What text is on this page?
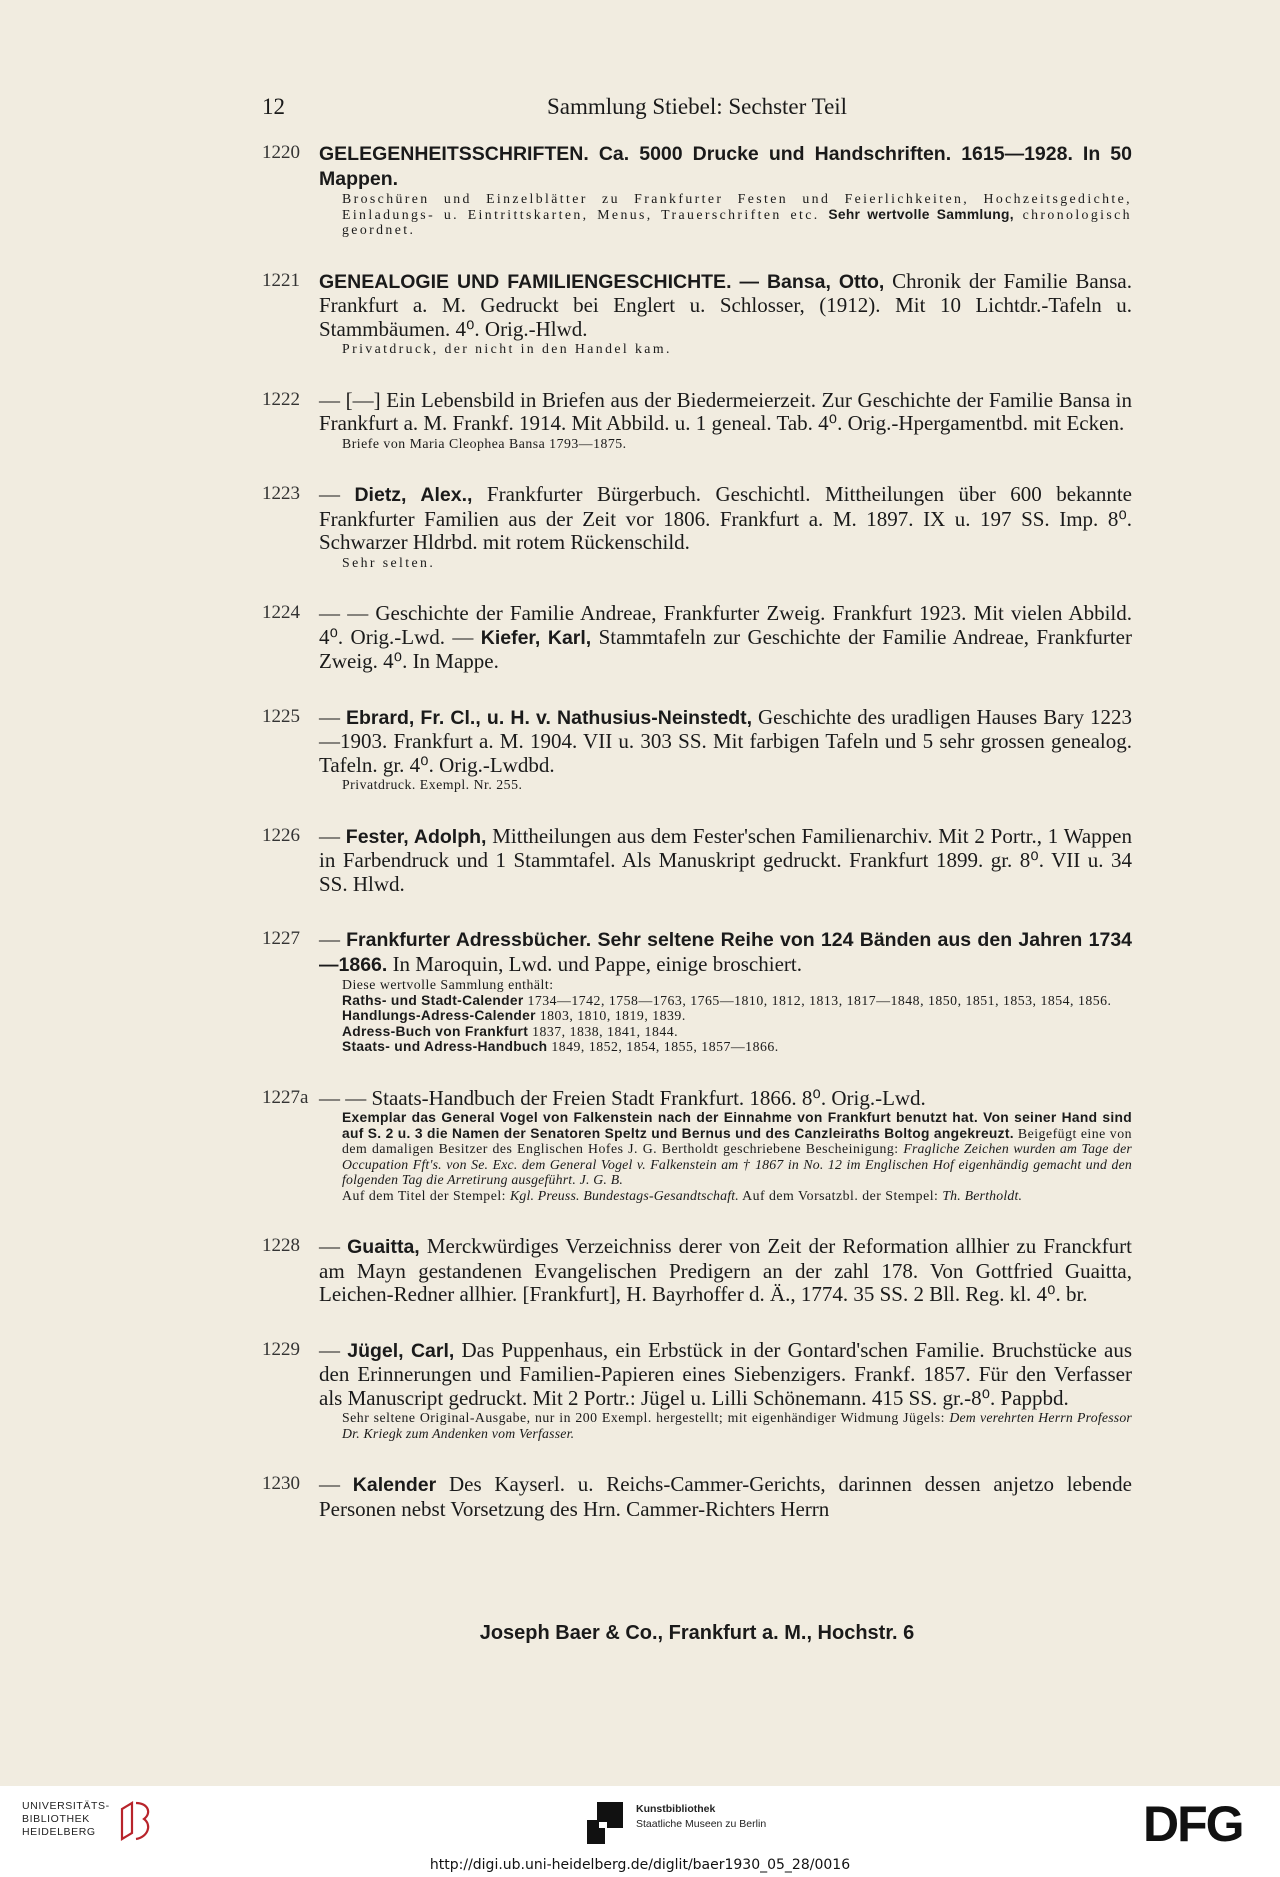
12	Sammlung Stiebel: Sechster Teil
1220 GELEGENHEITSSCHRIFTEN. Ca. 5000 Drucke und Handschriften. 1615—1928. In 50 Mappen.
Broschüren und Einzelblätter zu Frankfurter Festen und Feierlichkeiten, Hochzeitsgedichte, Einladungs- u. Eintrittskarten, Menus, Trauerschriften etc. Sehr wertvolle Sammlung, chronologisch geordnet.
1221 GENEALOGIE UND FAMILIENGESCHICHTE. — Bansa, Otto, Chronik der Familie Bansa. Frankfurt a. M. Gedruckt bei Englert u. Schlosser, (1912). Mit 10 Lichtdr.-Tafeln u. Stammbäumen. 4⁰. Orig.-Hlwd.
Privatdruck, der nicht in den Handel kam.
1222 — [—] Ein Lebensbild in Briefen aus der Biedermeierzeit. Zur Geschichte der Familie Bansa in Frankfurt a. M. Frankf. 1914. Mit Abbild. u. 1 geneal. Tab. 4⁰. Orig.-Hpergamentbd. mit Ecken.
Briefe von Maria Cleophea Bansa 1793—1875.
1223 — Dietz, Alex., Frankfurter Bürgerbuch. Geschichtl. Mittheilungen über 600 bekannte Frankfurter Familien aus der Zeit vor 1806. Frankfurt a. M. 1897. IX u. 197 SS. Imp. 8⁰. Schwarzer Hldrbd. mit rotem Rückenschild.
Sehr selten.
1224 — — Geschichte der Familie Andreae, Frankfurter Zweig. Frankfurt 1923. Mit vielen Abbild. 4⁰. Orig.-Lwd. — Kiefer, Karl, Stammtafeln zur Geschichte der Familie Andreae, Frankfurter Zweig. 4⁰. In Mappe.
1225 — Ebrard, Fr. Cl., u. H. v. Nathusius-Neinstedt, Geschichte des uradligen Hauses Bary 1223—1903. Frankfurt a. M. 1904. VII u. 303 SS. Mit farbigen Tafeln und 5 sehr grossen genealog. Tafeln. gr. 4⁰. Orig.-Lwdbd.
Privatdruck. Exempl. Nr. 255.
1226 — Fester, Adolph, Mittheilungen aus dem Fester'schen Familienarchiv. Mit 2 Portr., 1 Wappen in Farbendruck und 1 Stammtafel. Als Manuskript gedruckt. Frankfurt 1899. gr. 8⁰. VII u. 34 SS. Hlwd.
1227 — Frankfurter Adressbücher. Sehr seltene Reihe von 124 Bänden aus den Jahren 1734—1866. In Maroquin, Lwd. und Pappe, einige broschiert.
Diese wertvolle Sammlung enthält:
Raths- und Stadt-Calender 1734—1742, 1758—1763, 1765—1810, 1812, 1813, 1817—1848, 1850, 1851, 1853, 1854, 1856.
Handlungs-Adress-Calender 1803, 1810, 1819, 1839.
Adress-Buch von Frankfurt 1837, 1838, 1841, 1844.
Staats- und Adress-Handbuch 1849, 1852, 1854, 1855, 1857—1866.
1227a — — Staats-Handbuch der Freien Stadt Frankfurt. 1866. 8⁰. Orig.-Lwd.
Exemplar das General Vogel von Falkenstein nach der Einnahme von Frankfurt benutzt hat. Von seiner Hand sind auf S. 2 u. 3 die Namen der Senatoren Speltz und Bernus und des Canzleiraths Boltog angekreuzt. Beigefügt eine von dem damaligen Besitzer des Englischen Hofes J. G. Bertholdt geschriebene Bescheinigung: Fragliche Zeichen wurden am Tage der Occupation Fft's. von Se. Exc. dem General Vogel v. Falkenstein am † 1867 in No. 12 im Englischen Hof eigenhändig gemacht und den folgenden Tag die Arretirung ausgeführt. J. G. B.
Auf dem Titel der Stempel: Kgl. Preuss. Bundestags-Gesandtschaft. Auf dem Vorsatzbl. der Stempel: Th. Bertholdt.
1228 — Guaitta, Merckwürdiges Verzeichniss derer von Zeit der Reformation allhier zu Franckfurt am Mayn gestandenen Evangelischen Predigern an der zahl 178. Von Gottfried Guaitta, Leichen-Redner allhier. [Frankfurt], H. Bayrhoffer d. Ä., 1774. 35 SS. 2 Bll. Reg. kl. 4⁰. br.
1229 — Jügel, Carl, Das Puppenhaus, ein Erbstück in der Gontard'schen Familie. Bruchstücke aus den Erinnerungen und Familien-Papieren eines Siebenzigers. Frankf. 1857. Für den Verfasser als Manuscript gedruckt. Mit 2 Portr.: Jügel u. Lilli Schönemann. 415 SS. gr.-8⁰. Pappbd.
Sehr seltene Original-Ausgabe, nur in 200 Exempl. hergestellt; mit eigenhändiger Widmung Jügels: Dem verehrten Herrn Professor Dr. Kriegk zum Andenken vom Verfasser.
1230 — Kalender Des Kayserl. u. Reichs-Cammer-Gerichts, darinnen dessen anjetzo lebende Personen nebst Vorsetzung des Hrn. Cammer-Richters Herrn
Joseph Baer & Co., Frankfurt a. M., Hochstr. 6
UNIVERSITÄTS-
BIBLIOTHEK
HEIDELBERG
Kunstbibliothek
Staatliche Museen zu Berlin	DFG
http://digi.ub.uni-heidelberg.de/diglit/baer1930_05_28/0016
